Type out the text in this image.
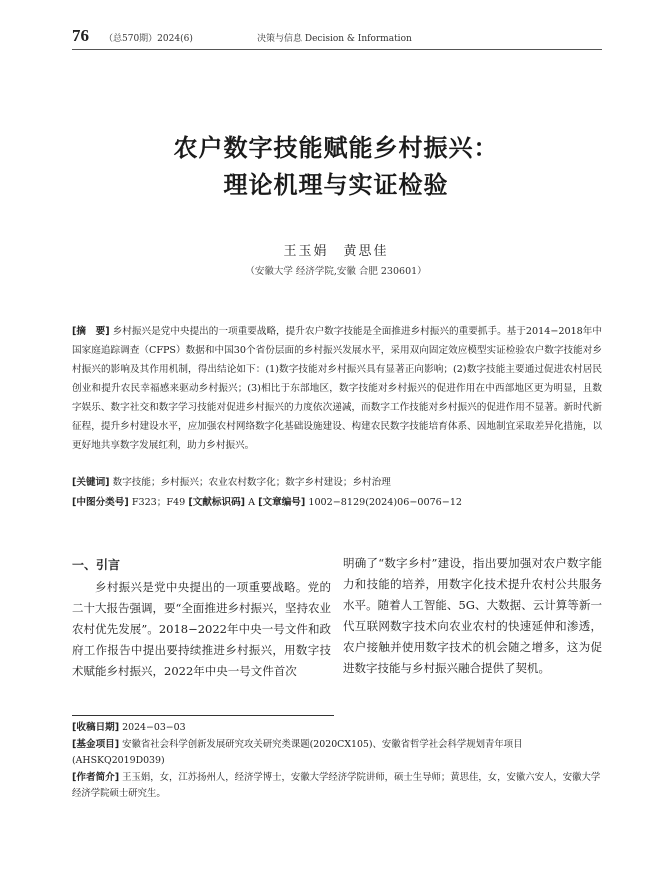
76 （总570期）2024(6)	决策与信息 Decision & Information
农户数字技能赋能乡村振兴：
理论机理与实证检验
王玉娟　黄思佳
（安徽大学 经济学院,安徽 合肥 230601）
[摘　要] 乡村振兴是党中央提出的一项重要战略，提升农户数字技能是全面推进乡村振兴的重要抓手。基于2014−2018年中国家庭追踪调查（CFPS）数据和中国30个省份层面的乡村振兴发展水平，采用双向固定效应模型实证检验农户数字技能对乡村振兴的影响及其作用机制，得出结论如下：(1)数字技能对乡村振兴具有显著正向影响；(2)数字技能主要通过促进农村居民创业和提升农民幸福感来驱动乡村振兴；(3)相比于东部地区，数字技能对乡村振兴的促进作用在中西部地区更为明显，且数字娱乐、数字社交和数字学习技能对促进乡村振兴的力度依次递减，而数字工作技能对乡村振兴的促进作用不显著。新时代新征程，提升乡村建设水平，应加强农村网络数字化基础设施建设、构建农民数字技能培育体系、因地制宜采取差异化措施，以更好地共享数字发展红利，助力乡村振兴。
[关键词] 数字技能；乡村振兴；农业农村数字化；数字乡村建设；乡村治理
[中图分类号] F323；F49 [文献标识码] A [文章编号] 1002−8129(2024)06−0076−12
一、引言

乡村振兴是党中央提出的一项重要战略。党的二十大报告强调，要“全面推进乡村振兴，坚持农业农村优先发展”。2018−2022年中央一号文件和政府工作报告中提出要持续推进乡村振兴，用数字技术赋能乡村振兴，2022年中央一号文件首次

明确了“数字乡村”建设，指出要加强对农户数字能力和技能的培养，用数字化技术提升农村公共服务水平。随着人工智能、5G、大数据、云计算等新一代互联网数字技术向农业农村的快速延伸和渗透，农户接触并使用数字技术的机会随之增多，这为促进数字技能与乡村振兴融合提供了契机。

[收稿日期] 2024−03−03
[基金项目] 安徽省社会科学创新发展研究攻关研究类课题(2020CX105)、安徽省哲学社会科学规划青年项目(AHSKQ2019D039)
[作者简介] 王玉娟，女，江苏扬州人，经济学博士，安徽大学经济学院讲师，硕士生导师；黄思佳，女，安徽六安人，安徽大学经济学院硕士研究生。
